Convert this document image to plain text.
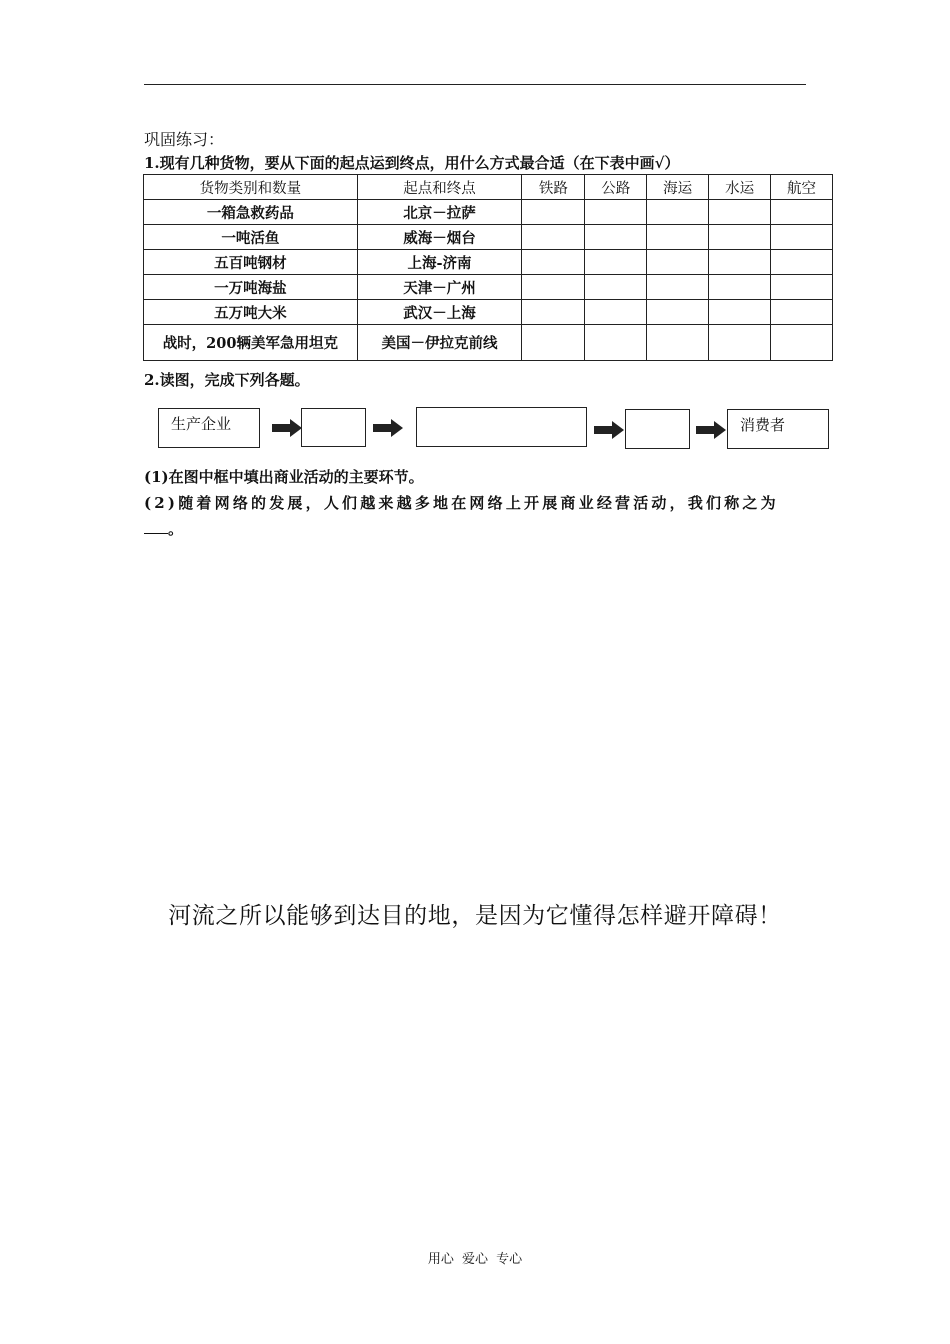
巩固练习：
1.现有几种货物，要从下面的起点运到终点，用什么方式最合适（在下表中画√）
货物类别和数量	起点和终点	铁路	公路	海运	水运	航空
一箱急救药品	北京－拉萨					
一吨活鱼	威海－烟台					
五百吨钢材	上海-济南					
一万吨海盐	天津－广州					
五万吨大米	武汉－上海					
战时，200辆美军急用坦克	美国－伊拉克前线					
2.读图，完成下列各题。
生产企业	消费者
(1)在图中框中填出商业活动的主要环节。
(2)随着网络的发展，人们越来越多地在网络上开展商业经营活动，我们称之为
。
河流之所以能够到达目的地，是因为它懂得怎样避开障碍！
用心 爱心 专心
